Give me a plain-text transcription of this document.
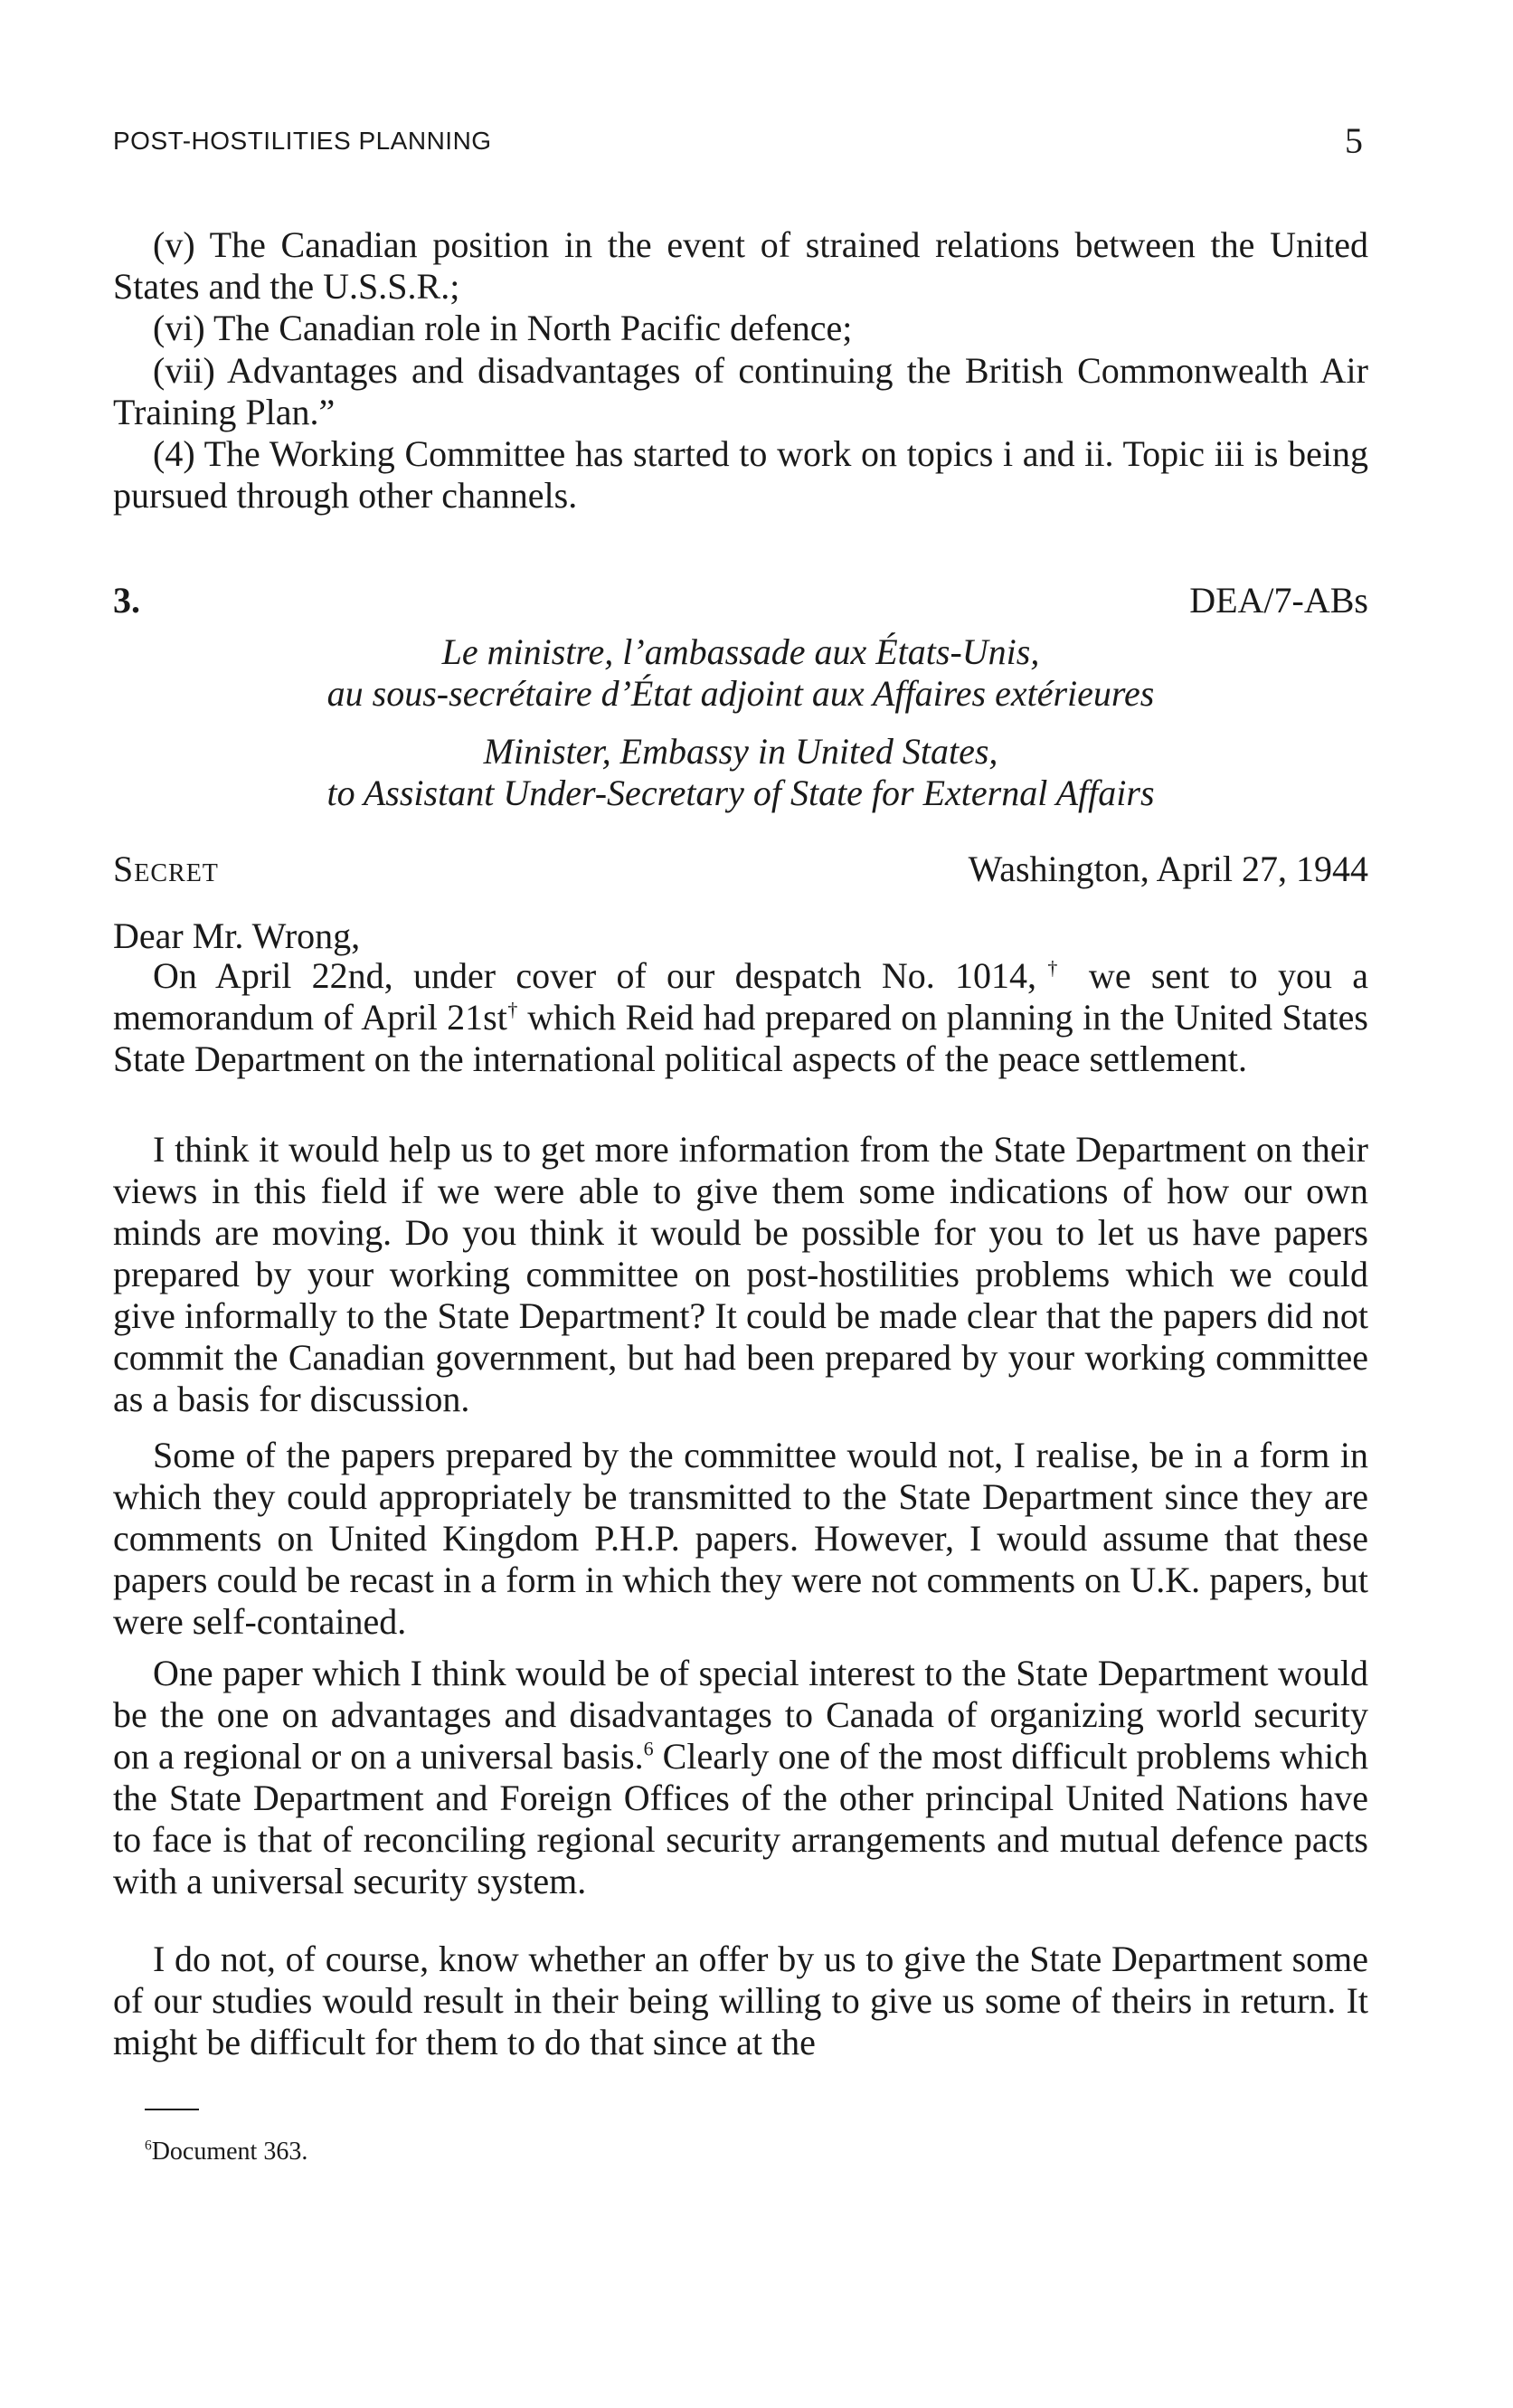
POST-HOSTILITIES PLANNING	5
(v) The Canadian position in the event of strained relations between the United States and the U.S.S.R.;
(vi) The Canadian role in North Pacific defence;
(vii) Advantages and disadvantages of continuing the British Commonwealth Air Training Plan.”
(4) The Working Committee has started to work on topics i and ii. Topic iii is being pursued through other channels.
3.	DEA/7-ABs
Le ministre, l’ambassade aux États-Unis,
au sous-secrétaire d’État adjoint aux Affaires extérieures
Minister, Embassy in United States,
to Assistant Under-Secretary of State for External Affairs
Secret	Washington, April 27, 1944
Dear Mr. Wrong,
On April 22nd, under cover of our despatch No. 1014,† we sent to you a memorandum of April 21st† which Reid had prepared on planning in the United States State Department on the international political aspects of the peace settlement.
I think it would help us to get more information from the State Department on their views in this field if we were able to give them some indications of how our own minds are moving. Do you think it would be possible for you to let us have papers prepared by your working committee on post-hostilities problems which we could give informally to the State Department? It could be made clear that the papers did not commit the Canadian government, but had been prepared by your working committee as a basis for discussion.
Some of the papers prepared by the committee would not, I realise, be in a form in which they could appropriately be transmitted to the State Department since they are comments on United Kingdom P.H.P. papers. However, I would assume that these papers could be recast in a form in which they were not comments on U.K. papers, but were self-contained.
One paper which I think would be of special interest to the State Department would be the one on advantages and disadvantages to Canada of organizing world security on a regional or on a universal basis.$^6$ Clearly one of the most difficult problems which the State Department and Foreign Offices of the other principal United Nations have to face is that of reconciling regional security arrangements and mutual defence pacts with a universal security system.
I do not, of course, know whether an offer by us to give the State Department some of our studies would result in their being willing to give us some of theirs in return. It might be difficult for them to do that since at the
$^6$Document 363.
